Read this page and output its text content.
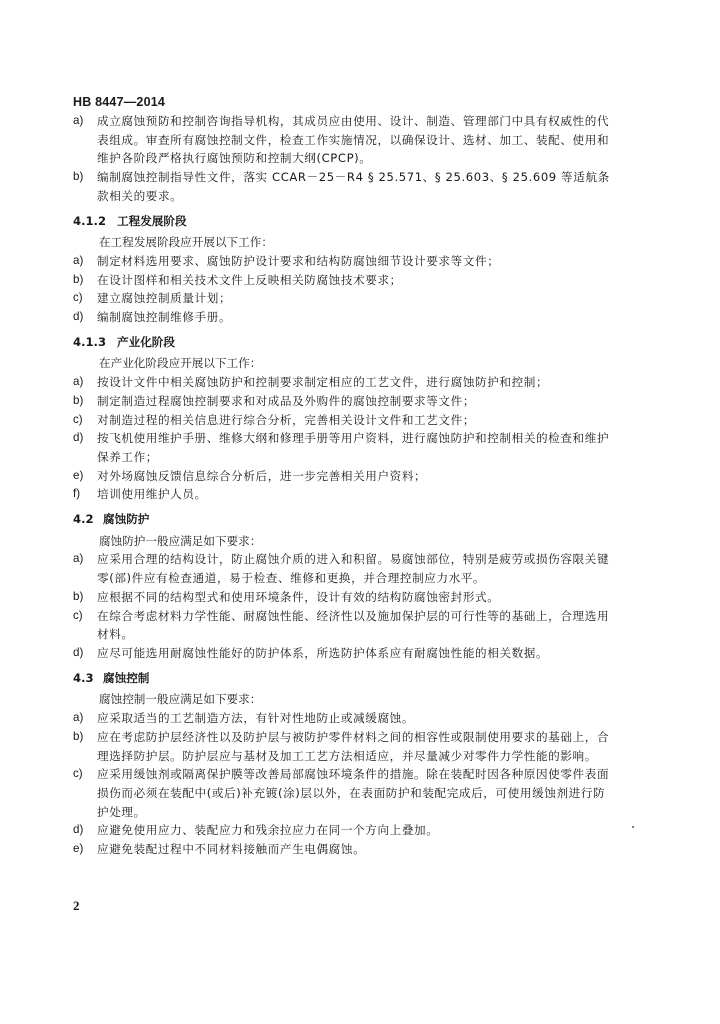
HB 8447—2014
a)	成立腐蚀预防和控制咨询指导机构，其成员应由使用、设计、制造、管理部门中具有权威性的代表组成。审查所有腐蚀控制文件，检查工作实施情况，以确保设计、选材、加工、装配、使用和维护各阶段严格执行腐蚀预防和控制大纲(CPCP)。
b)	编制腐蚀控制指导性文件，落实 CCAR－25－R4 § 25.571、§ 25.603、§ 25.609 等适航条款相关的要求。
4.1.2 工程发展阶段
在工程发展阶段应开展以下工作：
a)	制定材料选用要求、腐蚀防护设计要求和结构防腐蚀细节设计要求等文件；
b)	在设计图样和相关技术文件上反映相关防腐蚀技术要求；
c)	建立腐蚀控制质量计划；
d)	编制腐蚀控制维修手册。
4.1.3 产业化阶段
在产业化阶段应开展以下工作：
a)	按设计文件中相关腐蚀防护和控制要求制定相应的工艺文件，进行腐蚀防护和控制；
b)	制定制造过程腐蚀控制要求和对成品及外购件的腐蚀控制要求等文件；
c)	对制造过程的相关信息进行综合分析，完善相关设计文件和工艺文件；
d)	按飞机使用维护手册、维修大纲和修理手册等用户资料，进行腐蚀防护和控制相关的检查和维护保养工作；
e)	对外场腐蚀反馈信息综合分析后，进一步完善相关用户资料；
f)	培训使用维护人员。
4.2 腐蚀防护
腐蚀防护一般应满足如下要求：
a)	应采用合理的结构设计，防止腐蚀介质的进入和积留。易腐蚀部位，特别是疲劳或损伤容限关键零(部)件应有检查通道，易于检查、维修和更换，并合理控制应力水平。
b)	应根据不同的结构型式和使用环境条件，设计有效的结构防腐蚀密封形式。
c)	在综合考虑材料力学性能、耐腐蚀性能、经济性以及施加保护层的可行性等的基础上，合理选用材料。
d)	应尽可能选用耐腐蚀性能好的防护体系，所选防护体系应有耐腐蚀性能的相关数据。
4.3 腐蚀控制
腐蚀控制一般应满足如下要求：
a)	应采取适当的工艺制造方法，有针对性地防止或减缓腐蚀。
b)	应在考虑防护层经济性以及防护层与被防护零件材料之间的相容性或限制使用要求的基础上，合理选择防护层。防护层应与基材及加工工艺方法相适应，并尽量减少对零件力学性能的影响。
c)	应采用缓蚀剂或隔离保护膜等改善局部腐蚀环境条件的措施。除在装配时因各种原因使零件表面损伤而必须在装配中(或后)补充镀(涂)层以外，在表面防护和装配完成后，可使用缓蚀剂进行防护处理。
d)	应避免使用应力、装配应力和残余拉应力在同一个方向上叠加。
e)	应避免装配过程中不同材料接触而产生电偶腐蚀。
2
